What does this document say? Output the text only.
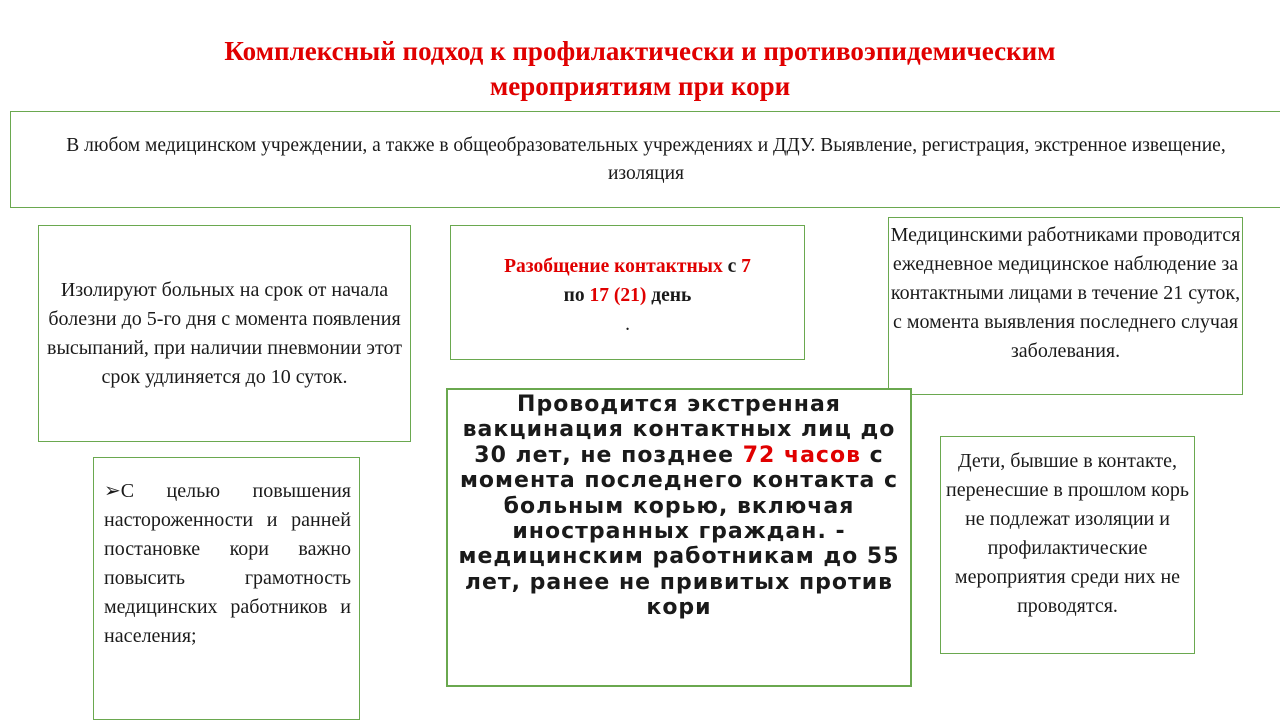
Комплексный подход к профилактически и противоэпидемическим
мероприятиям при кори
В любом медицинском учреждении, а также в общеобразовательных учреждениях и ДДУ. Выявление, регистрация, экстренное извещение, изоляция
Изолируют больных на срок от начала болезни до 5-го дня с момента появления высыпаний, при наличии пневмонии этот срок удлиняется до 10 суток.
Разобщение контактных с 7
по 17 (21) день
.
Медицинскими работниками проводится ежедневное медицинское наблюдение за контактными лицами в течение 21 суток, с момента выявления последнего случая заболевания.
Проводится экстренная вакцинация контактных лиц до 30 лет, не позднее 72 часов с момента последнего контакта с больным корью, включая иностранных граждан. - медицинским работникам до 55 лет, ранее не привитых против кори
➢С целью повышения настороженности и ранней постановке кори важно повысить грамотность медицинских работников и населения;
Дети, бывшие в контакте, перенесшие в прошлом корь не подлежат изоляции и профилактические мероприятия среди них не проводятся.
